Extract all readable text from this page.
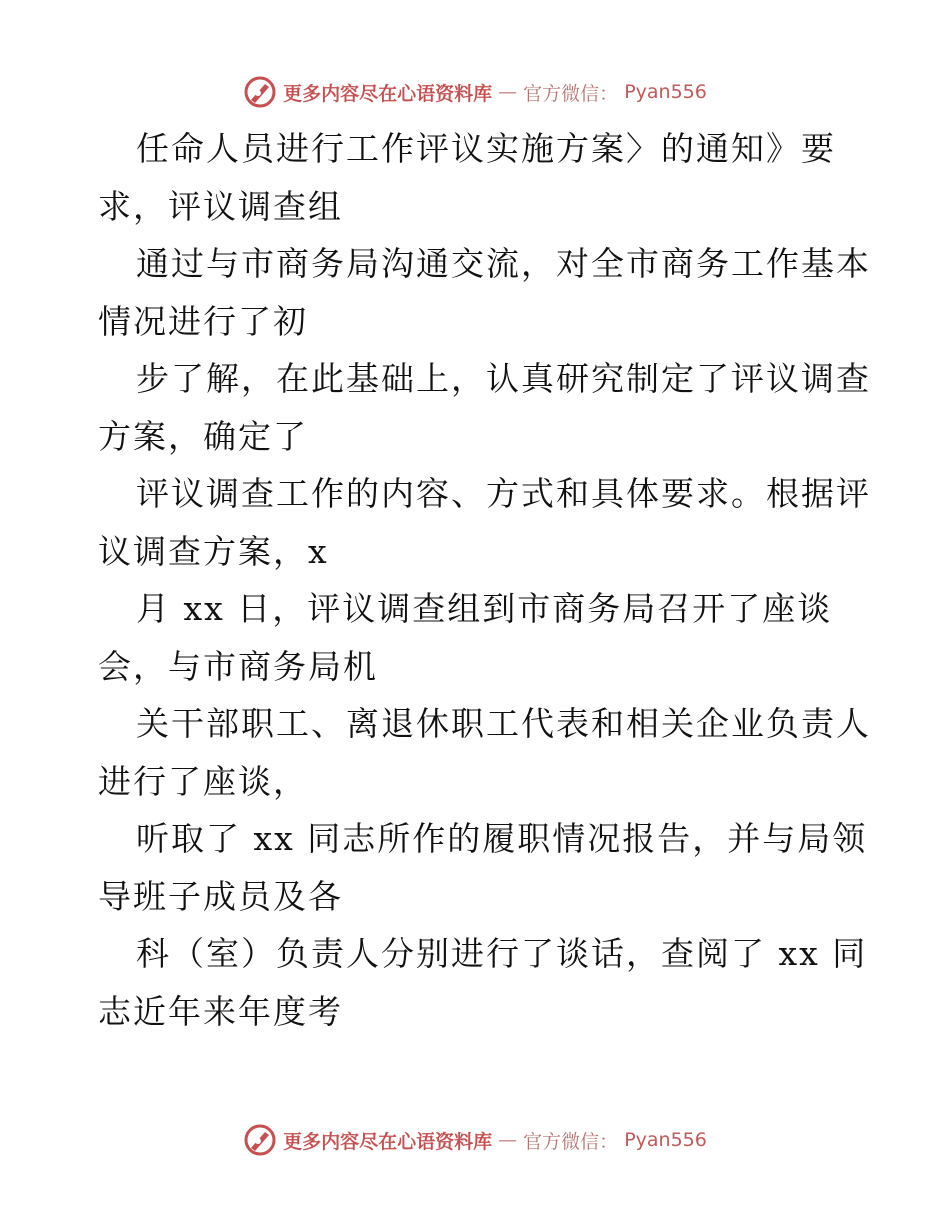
更多内容尽在心语资料库 — 官方微信： Pyan556
任命人员进行工作评议实施方案〉的通知》要
求，评议调查组
通过与市商务局沟通交流，对全市商务工作基本
情况进行了初
步了解，在此基础上，认真研究制定了评议调查
方案，确定了
评议调查工作的内容、方式和具体要求。根据评
议调查方案，x
月 xx 日，评议调查组到市商务局召开了座谈
会，与市商务局机
关干部职工、离退休职工代表和相关企业负责人
进行了座谈，
听取了 xx 同志所作的履职情况报告，并与局领
导班子成员及各
科（室）负责人分别进行了谈话，查阅了 xx 同
志近年来年度考
更多内容尽在心语资料库 — 官方微信： Pyan556
